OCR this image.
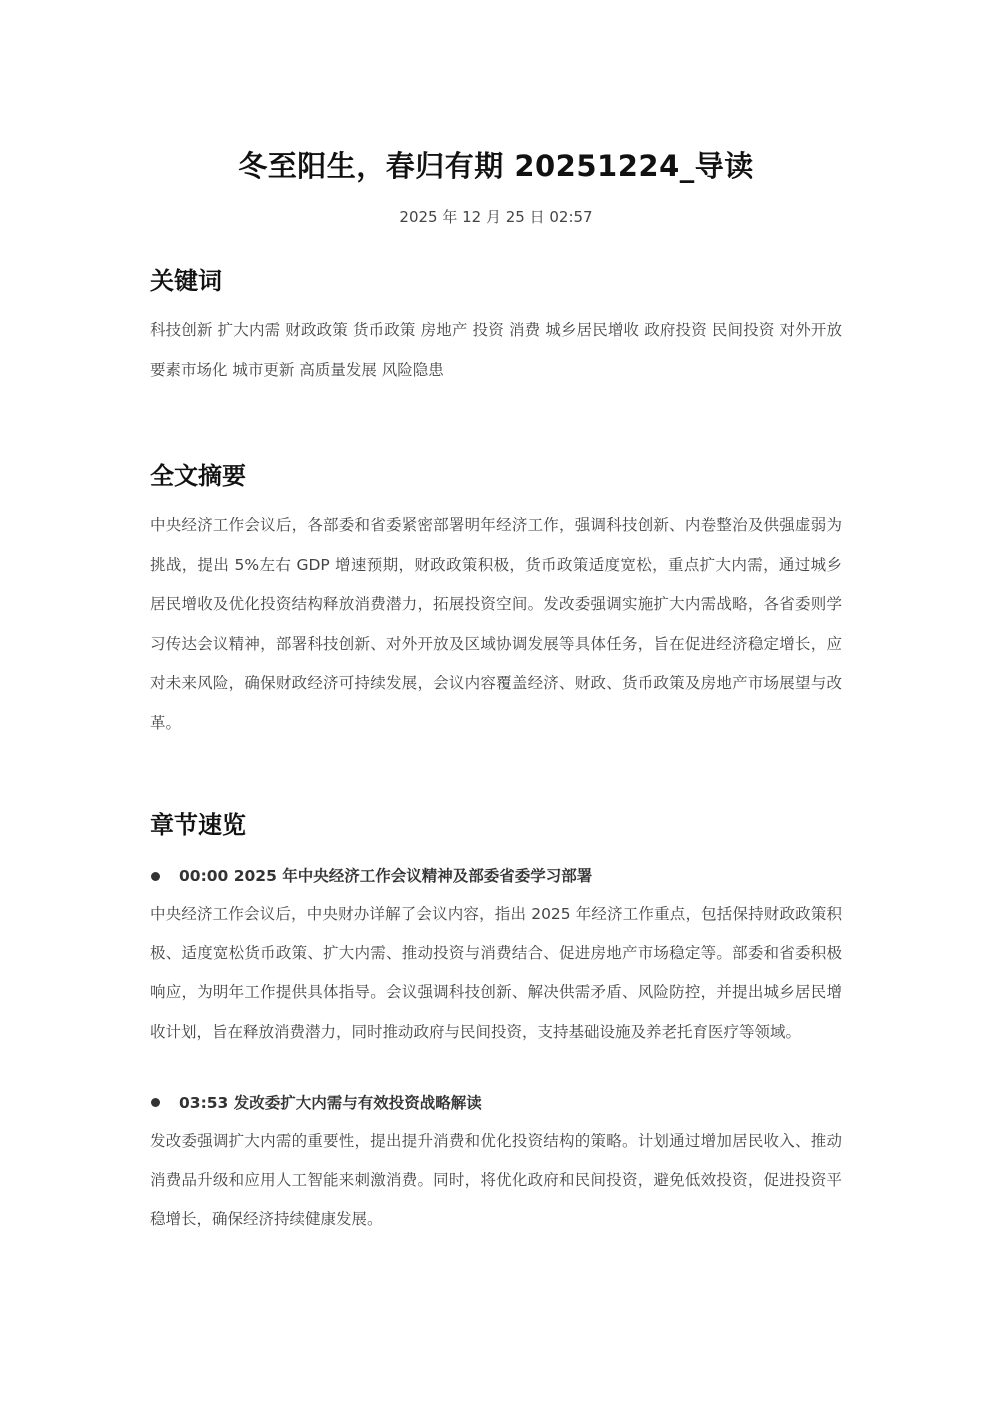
冬至阳生，春归有期 20251224_导读
2025 年 12 月 25 日 02:57
关键词

科技创新 扩大内需 财政政策 货币政策 房地产 投资 消费 城乡居民增收 政府投资 民间投资 对外开放 要素市场化 城市更新 高质量发展 风险隐患

全文摘要

中央经济工作会议后，各部委和省委紧密部署明年经济工作，强调科技创新、内卷整治及供强虚弱为挑战，提出 5%左右 GDP 增速预期，财政政策积极，货币政策适度宽松，重点扩大内需，通过城乡居民增收及优化投资结构释放消费潜力，拓展投资空间。发改委强调实施扩大内需战略，各省委则学习传达会议精神，部署科技创新、对外开放及区域协调发展等具体任务，旨在促进经济稳定增长，应对未来风险，确保财政经济可持续发展，会议内容覆盖经济、财政、货币政策及房地产市场展望与改革。

章节速览
00:00 2025 年中央经济工作会议精神及部委省委学习部署

中央经济工作会议后，中央财办详解了会议内容，指出 2025 年经济工作重点，包括保持财政政策积极、适度宽松货币政策、扩大内需、推动投资与消费结合、促进房地产市场稳定等。部委和省委积极响应，为明年工作提供具体指导。会议强调科技创新、解决供需矛盾、风险防控，并提出城乡居民增收计划，旨在释放消费潜力，同时推动政府与民间投资，支持基础设施及养老托育医疗等领域。

03:53 发改委扩大内需与有效投资战略解读

发改委强调扩大内需的重要性，提出提升消费和优化投资结构的策略。计划通过增加居民收入、推动消费品升级和应用人工智能来刺激消费。同时，将优化政府和民间投资，避免低效投资，促进投资平稳增长，确保经济持续健康发展。
